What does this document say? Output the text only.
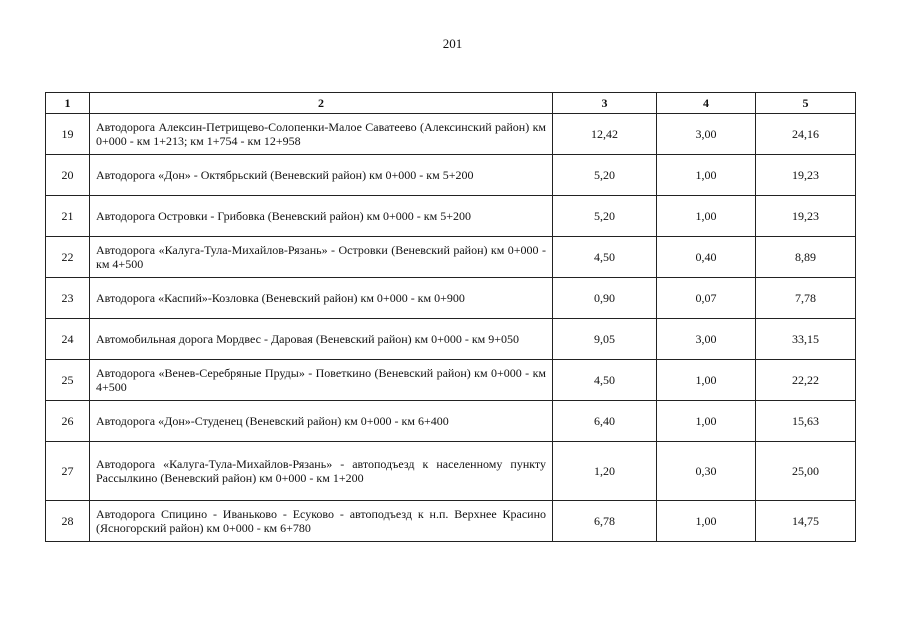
201
1	2	3	4	5
19	Автодорога Алексин-Петрищево-Солопенки-Малое Саватеево (Алексинский район) км 0+000 - км 1+213; км 1+754 - км 12+958	12,42	3,00	24,16
20	Автодорога «Дон» - Октябрьский (Веневский район) км 0+000 - км 5+200	5,20	1,00	19,23
21	Автодорога Островки - Грибовка (Веневский район) км 0+000 - км 5+200	5,20	1,00	19,23
22	Автодорога «Калуга-Тула-Михайлов-Рязань» - Островки (Веневский район) км 0+000 - км 4+500	4,50	0,40	8,89
23	Автодорога «Каспий»-Козловка (Веневский район) км 0+000 - км 0+900	0,90	0,07	7,78
24	Автомобильная дорога Мордвес - Даровая (Веневский район) км 0+000 - км 9+050	9,05	3,00	33,15
25	Автодорога «Венев-Серебряные Пруды» - Поветкино (Веневский район) км 0+000 - км 4+500	4,50	1,00	22,22
26	Автодорога «Дон»-Студенец (Веневский район) км 0+000 - км 6+400	6,40	1,00	15,63
27	Автодорога «Калуга-Тула-Михайлов-Рязань» - автоподъезд к населенному пункту Рассылкино (Веневский район) км 0+000 - км 1+200	1,20	0,30	25,00
28	Автодорога Спицино - Иваньково - Есуково - автоподъезд к н.п. Верхнее Красино (Ясногорский район) км 0+000 - км 6+780	6,78	1,00	14,75
